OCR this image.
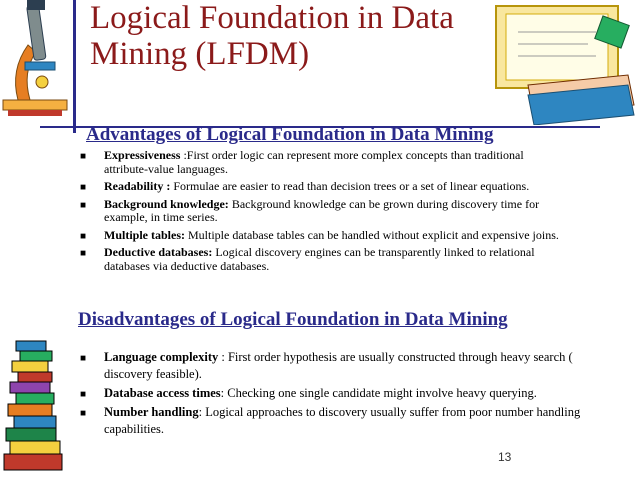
Logical Foundation in Data Mining (LFDM)
Advantages of Logical Foundation in Data Mining
■ Expressiveness :First order logic can represent more complex concepts than traditional attribute-value languages.
■ Readability : Formulae are easier to read than decision trees or a set of linear equations.
■ Background knowledge: Background knowledge can be grown during discovery time for example, in time series.
■ Multiple tables: Multiple database tables can be handled without explicit and expensive joins.
■ Deductive databases: Logical discovery engines can be transparently linked to relational databases via deductive databases.
Disadvantages of Logical Foundation in Data Mining
■ Language complexity : First order hypothesis are usually constructed through heavy search ( discovery feasible).
■ Database access times: Checking one single candidate might involve heavy querying.
■ Number handling: Logical approaches to discovery usually suffer from poor number handling capabilities.
13
